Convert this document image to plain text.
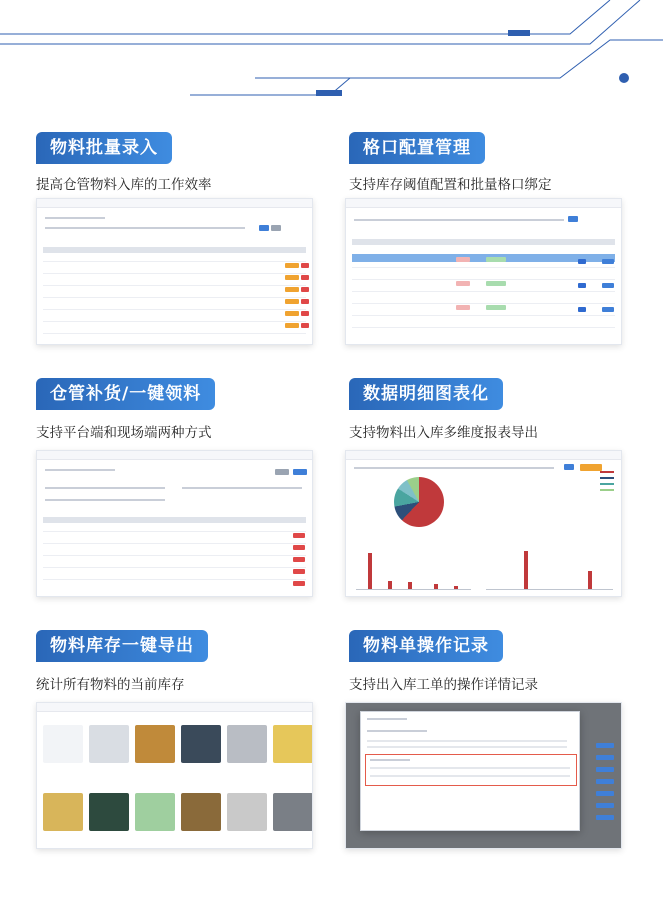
物料批量录入
提高仓管物料入库的工作效率
格口配置管理
支持库存阈值配置和批量格口绑定
仓管补货/一键领料
支持平台端和现场端两种方式
数据明细图表化
支持物料出入库多维度报表导出
物料库存一键导出
统计所有物料的当前库存
物料单操作记录
支持出入库工单的操作详情记录
